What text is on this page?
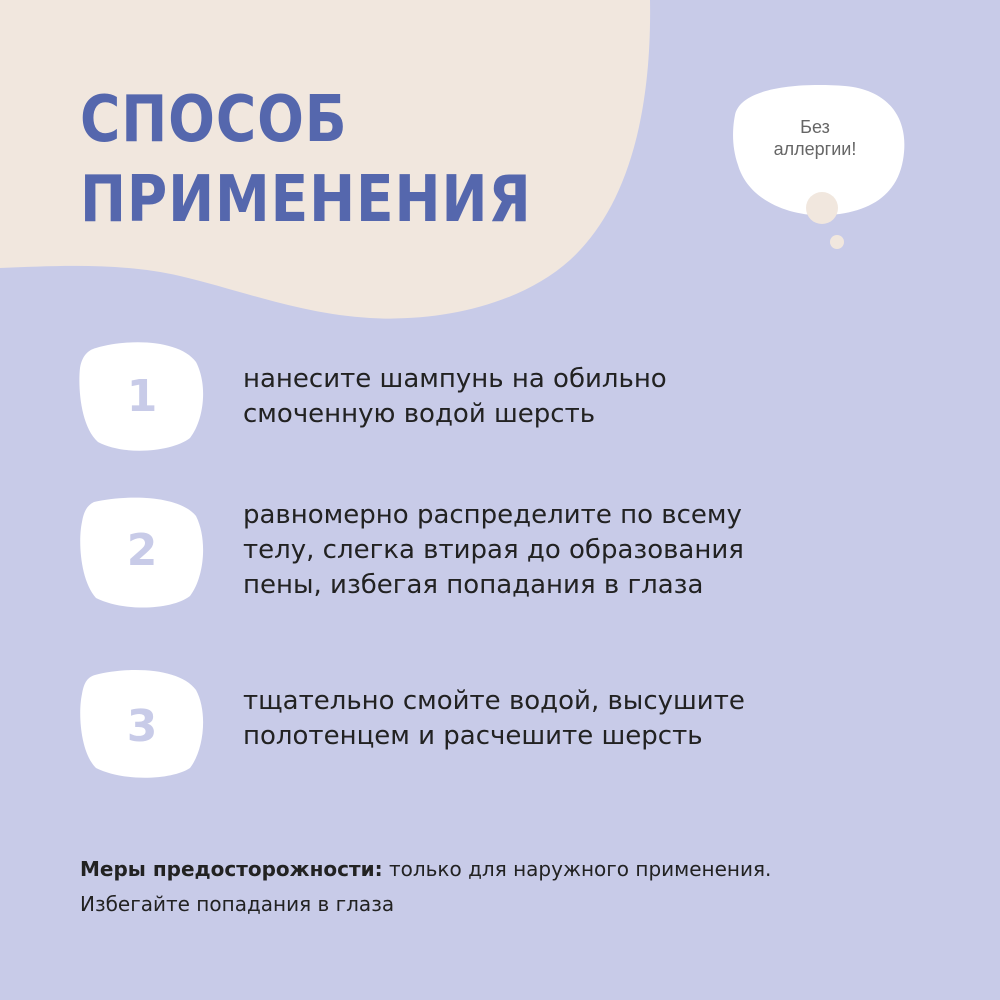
СПОСОБ
ПРИМЕНЕНИЯ
Без
аллергии!
1
2
3

нанесите шампунь на обильно
смоченную водой шерсть

равномерно распределите по всему
телу, слегка втирая до образования
пены, избегая попадания в глаза

тщательно смойте водой, высушите
полотенцем и расчешите шерсть

Меры предосторожности: только для наружного применения.
Избегайте попадания в глаза
